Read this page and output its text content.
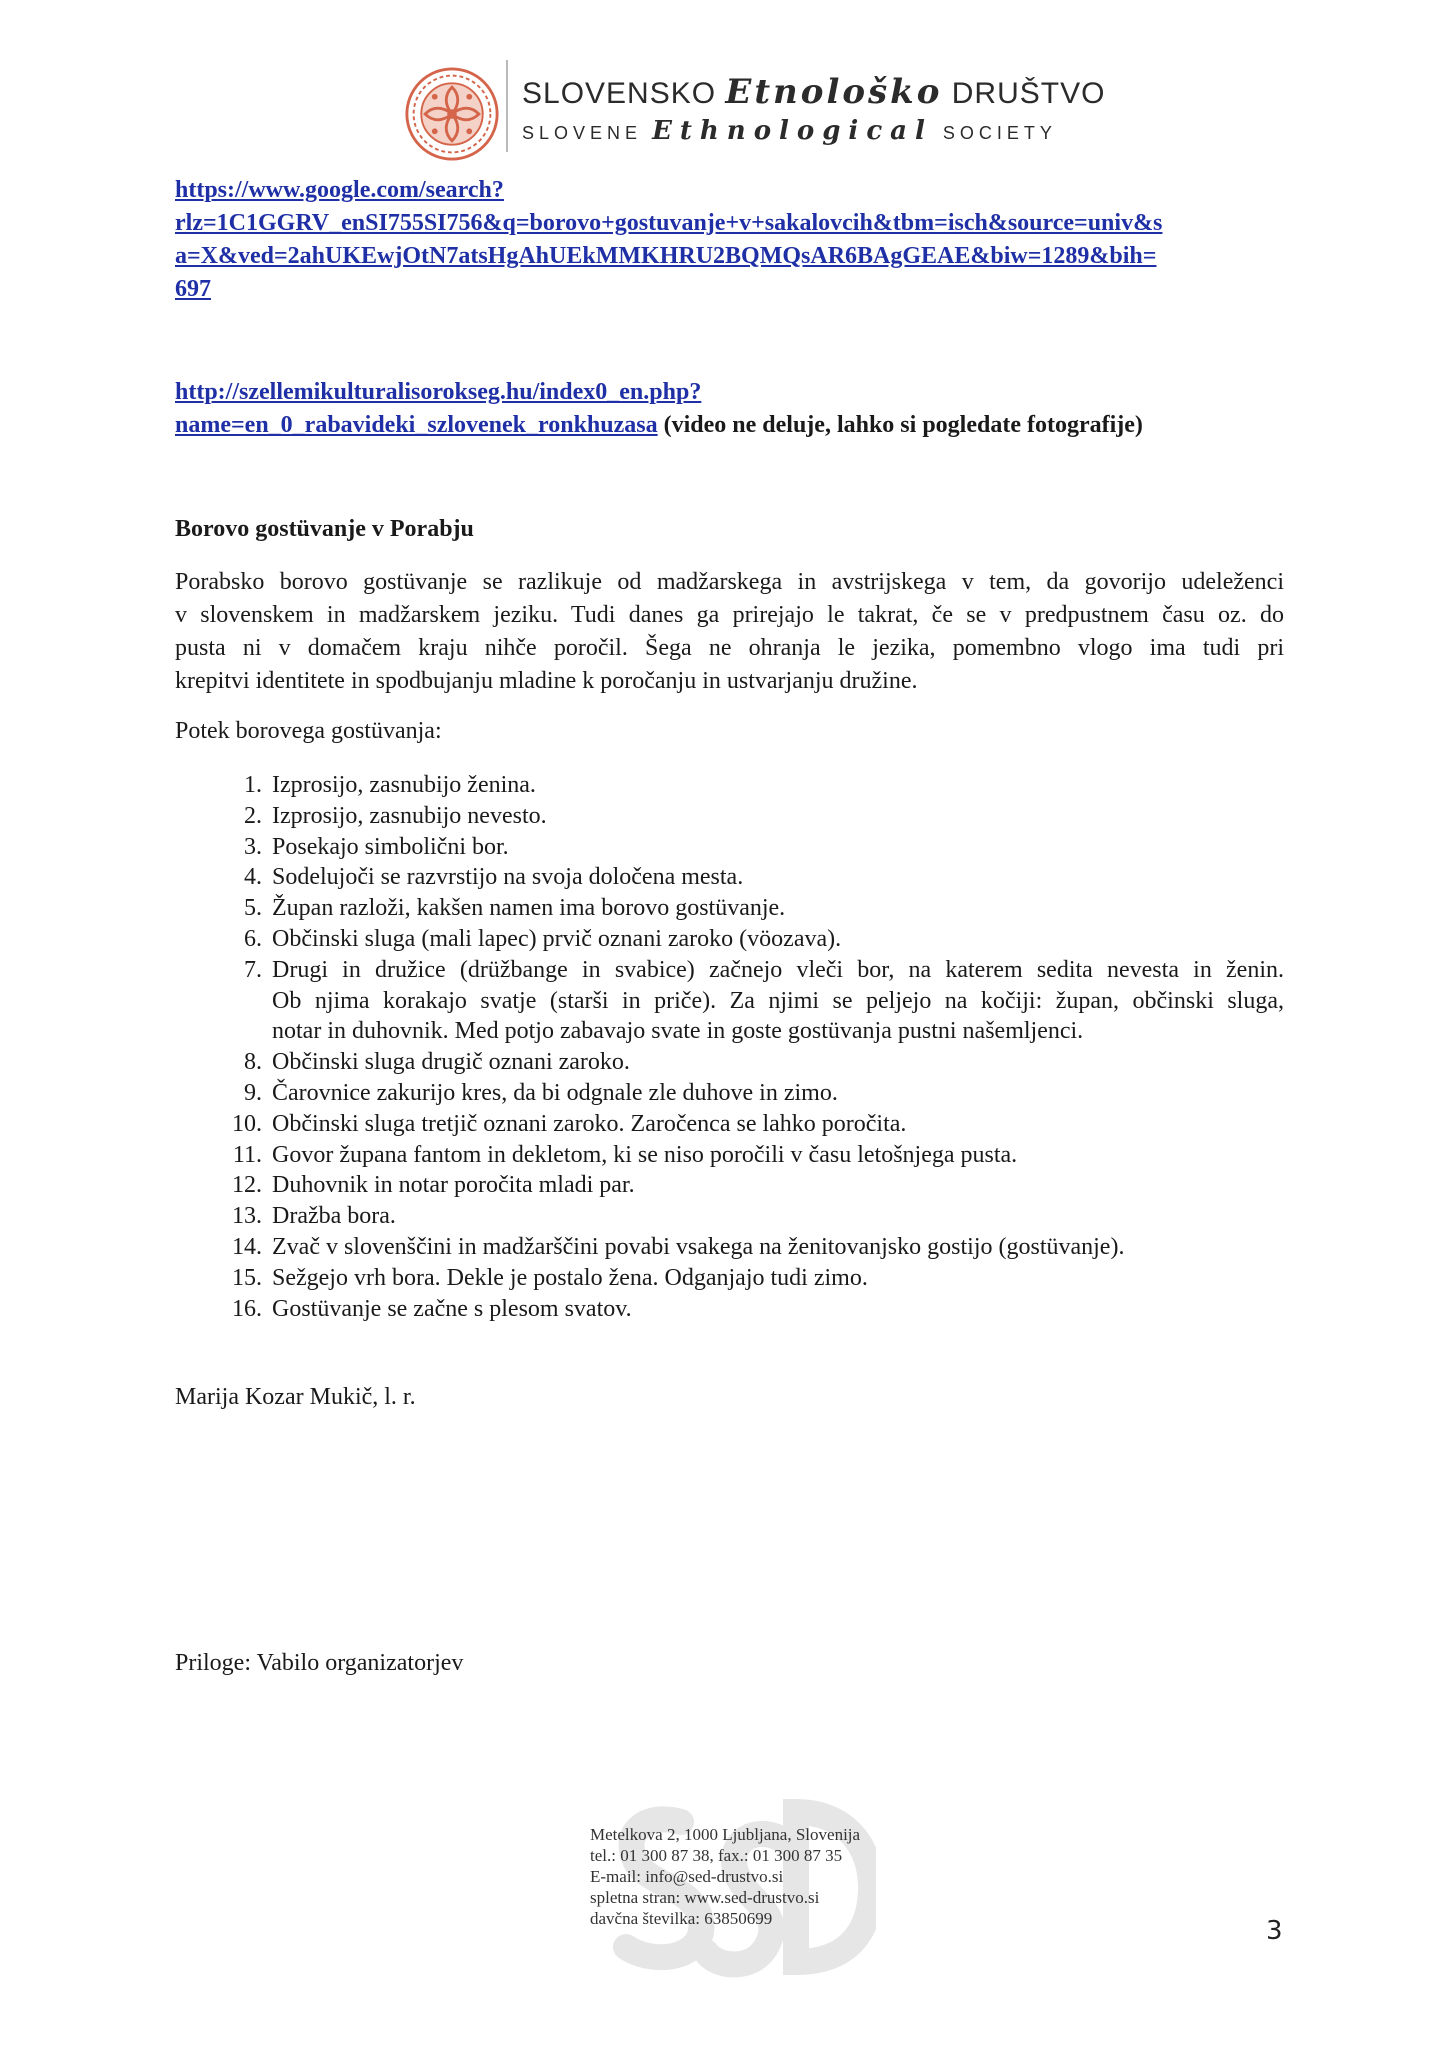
SLOVENSKO Etnološko DRUŠTVO
SLOVENE Ethnological SOCIETY
https://www.google.com/search?
rlz=1C1GGRV_enSI755SI756&q=borovo+gostuvanje+v+sakalovcih&tbm=isch&source=univ&s
a=X&ved=2ahUKEwjOtN7atsHgAhUEkMMKHRU2BQMQsAR6BAgGEAE&biw=1289&bih=
697
http://szellemikulturalisorokseg.hu/index0_en.php?
name=en_0_rabavideki_szlovenek_ronkhuzasa (video ne deluje, lahko si pogledate fotografije)
Borovo gostüvanje v Porabju
Porabsko borovo gostüvanje se razlikuje od madžarskega in avstrijskega v tem, da govorijo udeleženci
v slovenskem in madžarskem jeziku. Tudi danes ga prirejajo le takrat, če se v predpustnem času oz. do
pusta ni v domačem kraju nihče poročil. Šega ne ohranja le jezika, pomembno vlogo ima tudi pri
krepitvi identitete in spodbujanju mladine k poročanju in ustvarjanju družine.
Potek borovega gostüvanja:
1. Izprosijo, zasnubijo ženina.
2. Izprosijo, zasnubijo nevesto.
3. Posekajo simbolični bor.
4. Sodelujoči se razvrstijo na svoja določena mesta.
5. Župan razloži, kakšen namen ima borovo gostüvanje.
6. Občinski sluga (mali lapec) prvič oznani zaroko (vöozava).
7. Drugi in družice (drüžbange in svabice) začnejo vleči bor, na katerem sedita nevesta in ženin.
Ob njima korakajo svatje (starši in priče). Za njimi se peljejo na kočiji: župan, občinski sluga,
notar in duhovnik. Med potjo zabavajo svate in goste gostüvanja pustni našemljenci.
8. Občinski sluga drugič oznani zaroko.
9. Čarovnice zakurijo kres, da bi odgnale zle duhove in zimo.
10. Občinski sluga tretjič oznani zaroko. Zaročenca se lahko poročita.
11. Govor župana fantom in dekletom, ki se niso poročili v času letošnjega pusta.
12. Duhovnik in notar poročita mladi par.
13. Dražba bora.
14. Zvač v slovenščini in madžarščini povabi vsakega na ženitovanjsko gostijo (gostüvanje).
15. Sežgejo vrh bora. Dekle je postalo žena. Odganjajo tudi zimo.
16. Gostüvanje se začne s plesom svatov.
Marija Kozar Mukič, l. r.
Priloge: Vabilo organizatorjev
Metelkova 2, 1000 Ljubljana, Slovenija
tel.: 01 300 87 38, fax.: 01 300 87 35
E-mail: info@sed-drustvo.si
spletna stran: www.sed-drustvo.si
davčna številka: 63850699	3
